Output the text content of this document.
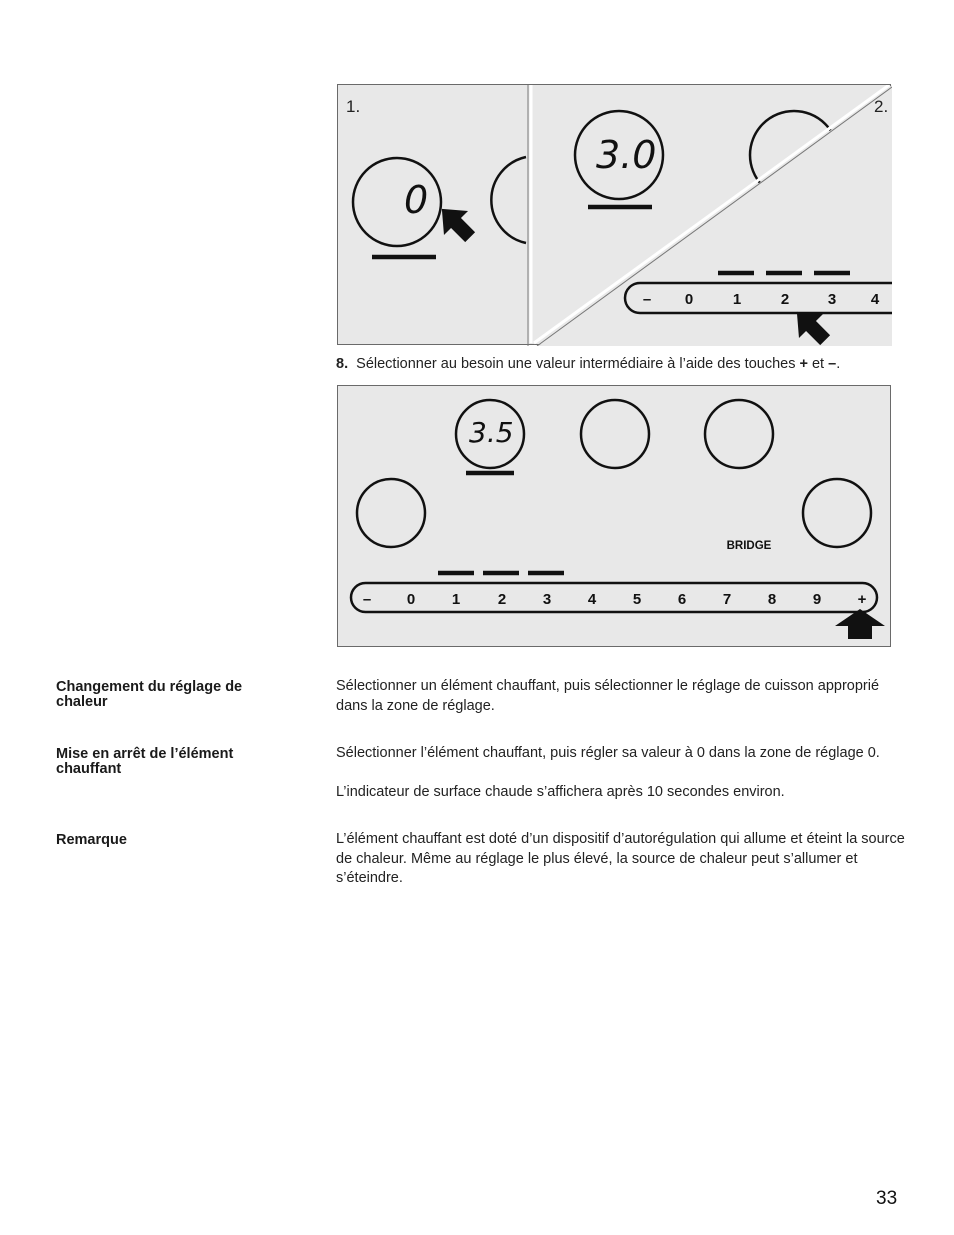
– 0	1	2	3 4
1.	2.
0
3.0
8. Sélectionner au besoin une valeur intermédiaire à l’aide des touches + et –.
BRIDGE
– 0 1	2 3 4 5 6 7 8 9 +
3.5
Changement du réglage de chaleur
Sélectionner un élément chauffant, puis sélectionner le réglage de cuisson approprié dans la zone de réglage.
Mise en arrêt de l’élément chauffant
Sélectionner l’élément chauffant, puis régler sa valeur à 0 dans la zone de réglage 0.
L’indicateur de surface chaude s’affichera après 10 secondes environ.
Remarque	L’élément chauffant est doté d’un dispositif d’autorégulation qui allume et éteint la source de chaleur. Même au réglage le plus élevé, la source de chaleur peut s’allumer et s’éteindre.
33
